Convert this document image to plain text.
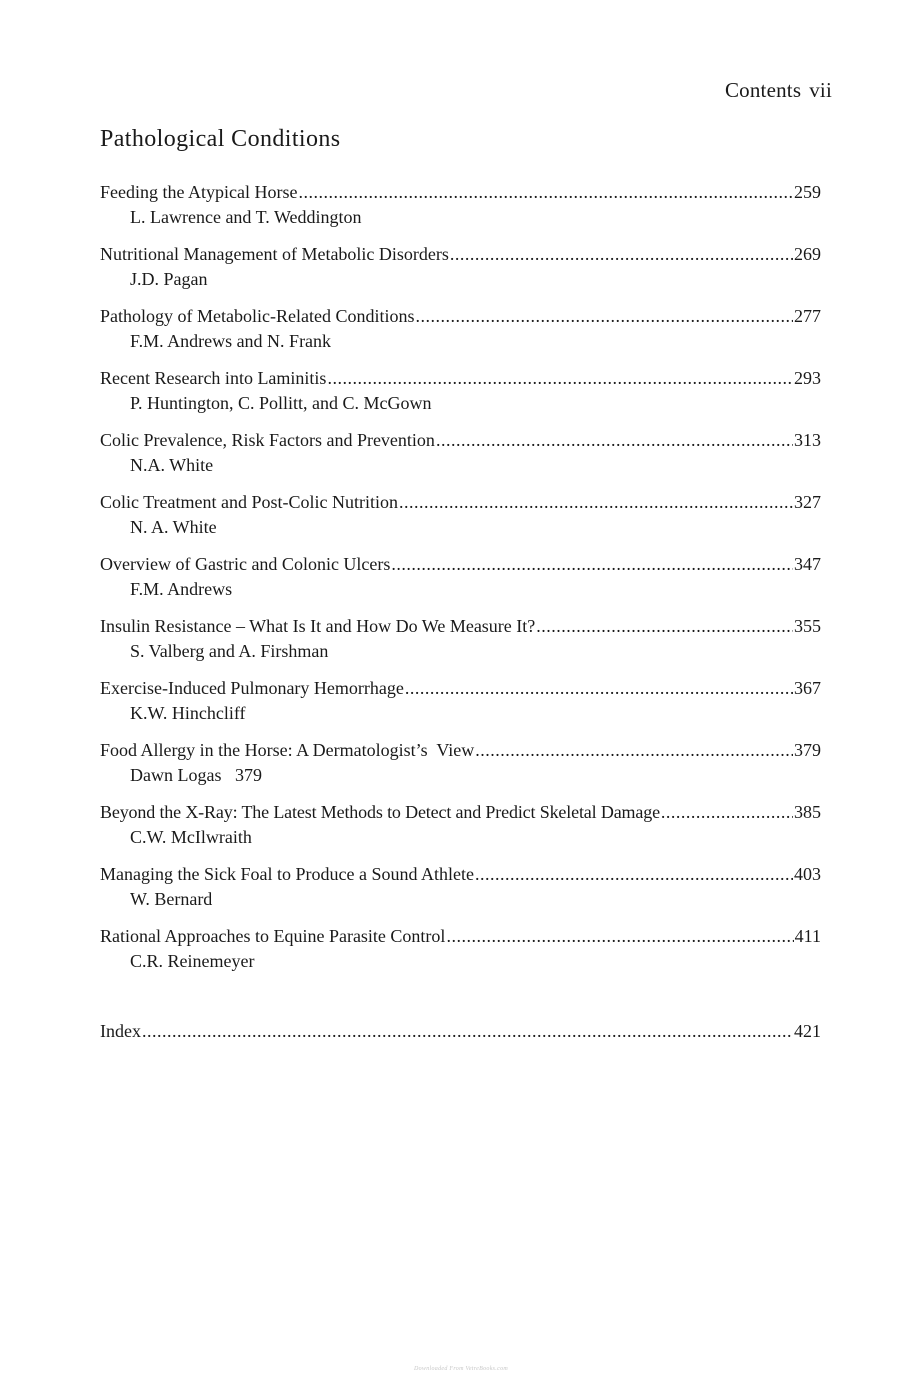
Contents vii
Pathological Conditions
Feeding the Atypical Horse .....	259
L. Lawrence and T. Weddington
Nutritional Management of Metabolic Disorders .....	269
J.D. Pagan
Pathology of Metabolic-Related Conditions .....	277
F.M. Andrews and N. Frank
Recent Research into Laminitis .....	293
P. Huntington, C. Pollitt, and C. McGown
Colic Prevalence, Risk Factors and Prevention .....	313
N.A. White
Colic Treatment and Post-Colic Nutrition .....	327
N. A. White
Overview of Gastric and Colonic Ulcers .....	347
F.M. Andrews
Insulin Resistance – What Is It and How Do We Measure It? .....	355
S. Valberg and A. Firshman
Exercise-Induced Pulmonary Hemorrhage .....	367
K.W. Hinchcliff
Food Allergy in the Horse: A Dermatologist’s  View .....	379
Dawn Logas   379
Beyond the X-Ray: The Latest Methods to Detect and Predict Skeletal Damage .....	385
C.W. McIlwraith
Managing the Sick Foal to Produce a Sound Athlete .....	403
W. Bernard
Rational Approaches to Equine Parasite Control .....	411
C.R. Reinemeyer
Index .....	421
Downloaded From VetreBooks.com
